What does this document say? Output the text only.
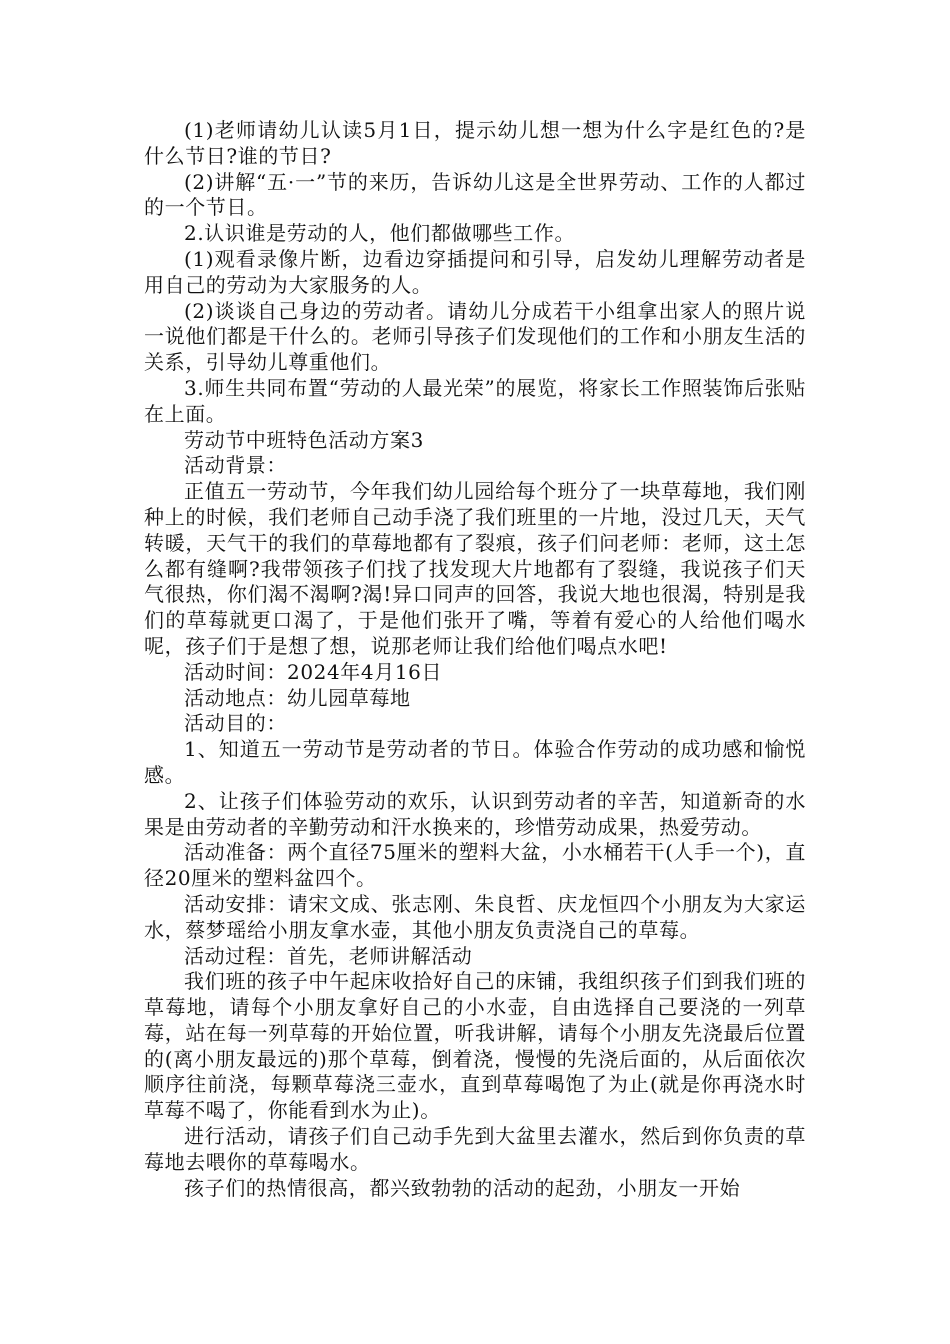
(1)老师请幼儿认读5月1日，提示幼儿想一想为什么字是红色的?是什么节日?谁的节日?

(2)讲解“五·一”节的来历，告诉幼儿这是全世界劳动、工作的人都过的一个节日。

2.认识谁是劳动的人，他们都做哪些工作。

(1)观看录像片断，边看边穿插提问和引导，启发幼儿理解劳动者是用自己的劳动为大家服务的人。

(2)谈谈自己身边的劳动者。请幼儿分成若干小组拿出家人的照片说一说他们都是干什么的。老师引导孩子们发现他们的工作和小朋友生活的关系，引导幼儿尊重他们。

3.师生共同布置“劳动的人最光荣”的展览，将家长工作照装饰后张贴在上面。

劳动节中班特色活动方案3

活动背景：

正值五一劳动节，今年我们幼儿园给每个班分了一块草莓地，我们刚种上的时候，我们老师自己动手浇了我们班里的一片地，没过几天，天气转暖，天气干的我们的草莓地都有了裂痕，孩子们问老师：老师，这土怎么都有缝啊?我带领孩子们找了找发现大片地都有了裂缝，我说孩子们天气很热，你们渴不渴啊?渴!异口同声的回答，我说大地也很渴，特别是我们的草莓就更口渴了，于是他们张开了嘴，等着有爱心的人给他们喝水呢，孩子们于是想了想，说那老师让我们给他们喝点水吧!

活动时间：2024年4月16日

活动地点：幼儿园草莓地

活动目的：

1、知道五一劳动节是劳动者的节日。体验合作劳动的成功感和愉悦感。

2、让孩子们体验劳动的欢乐，认识到劳动者的辛苦，知道新奇的水果是由劳动者的辛勤劳动和汗水换来的，珍惜劳动成果，热爱劳动。

活动准备：两个直径75厘米的塑料大盆，小水桶若干(人手一个)，直径20厘米的塑料盆四个。

活动安排：请宋文成、张志刚、朱良哲、庆龙恒四个小朋友为大家运水，蔡梦瑶给小朋友拿水壶，其他小朋友负责浇自己的草莓。

活动过程：首先，老师讲解活动

我们班的孩子中午起床收拾好自己的床铺，我组织孩子们到我们班的草莓地，请每个小朋友拿好自己的小水壶，自由选择自己要浇的一列草莓，站在每一列草莓的开始位置，听我讲解，请每个小朋友先浇最后位置的(离小朋友最远的)那个草莓，倒着浇，慢慢的先浇后面的，从后面依次顺序往前浇，每颗草莓浇三壶水，直到草莓喝饱了为止(就是你再浇水时草莓不喝了，你能看到水为止)。

进行活动，请孩子们自己动手先到大盆里去灌水，然后到你负责的草莓地去喂你的草莓喝水。

孩子们的热情很高，都兴致勃勃的活动的起劲，小朋友一开始
